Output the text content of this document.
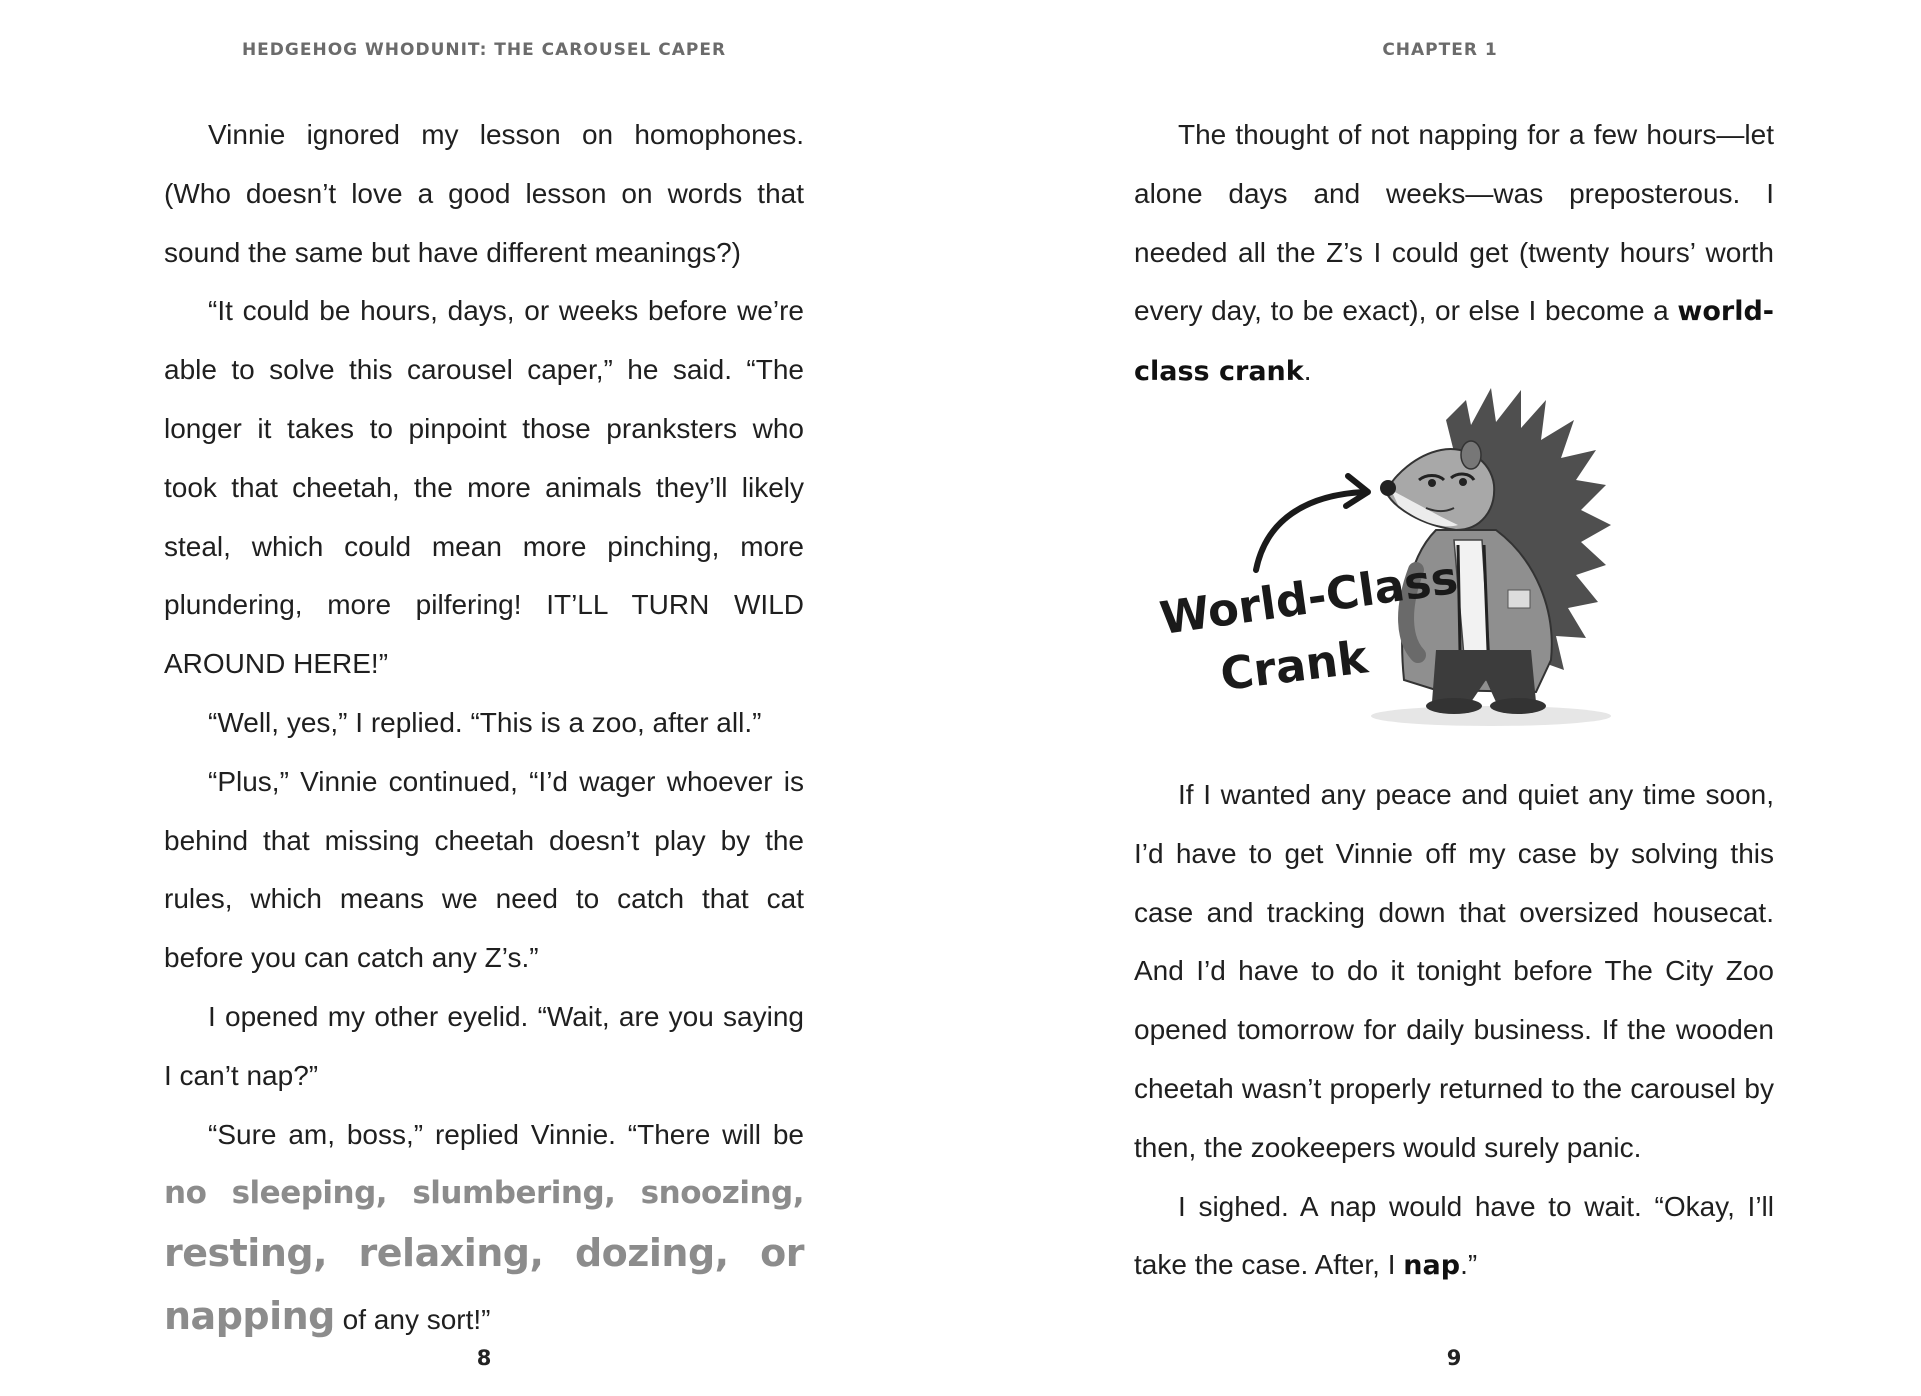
HEDGEHOG WHODUNIT: THE CAROUSEL CAPER

Vinnie ignored my lesson on homophones. (Who doesn’t love a good lesson on words that sound the same but have different meanings?)

“It could be hours, days, or weeks before we’re able to solve this carousel caper,” he said. “The longer it takes to pinpoint those pranksters who took that cheetah, the more animals they’ll likely steal, which could mean more pinching, more plundering, more pilfering! IT’LL TURN WILD AROUND HERE!”

“Well, yes,” I replied. “This is a zoo, after all.”

“Plus,” Vinnie continued, “I’d wager whoever is behind that missing cheetah doesn’t play by the rules, which means we need to catch that cat before you can catch any Z’s.”

I opened my other eyelid. “Wait, are you saying I can’t nap?”

“Sure am, boss,” replied Vinnie. “There will be no sleeping, slumbering, snoozing, resting, relaxing, dozing, or napping of any sort!”

8
CHAPTER 1

The thought of not napping for a few hours—let alone days and weeks—was preposterous. I needed all the Z’s I could get (twenty hours’ worth every day, to be exact), or else I become a world-class crank.

If I wanted any peace and quiet any time soon, I’d have to get Vinnie off my case by solving this case and tracking down that oversized housecat. And I’d have to do it tonight before The City Zoo opened tomorrow for daily business. If the wooden cheetah wasn’t properly returned to the carousel by then, the zookeepers would surely panic.

I sighed. A nap would have to wait. “Okay, I’ll take the case. After, I nap.”

9
World-Class
Crank
